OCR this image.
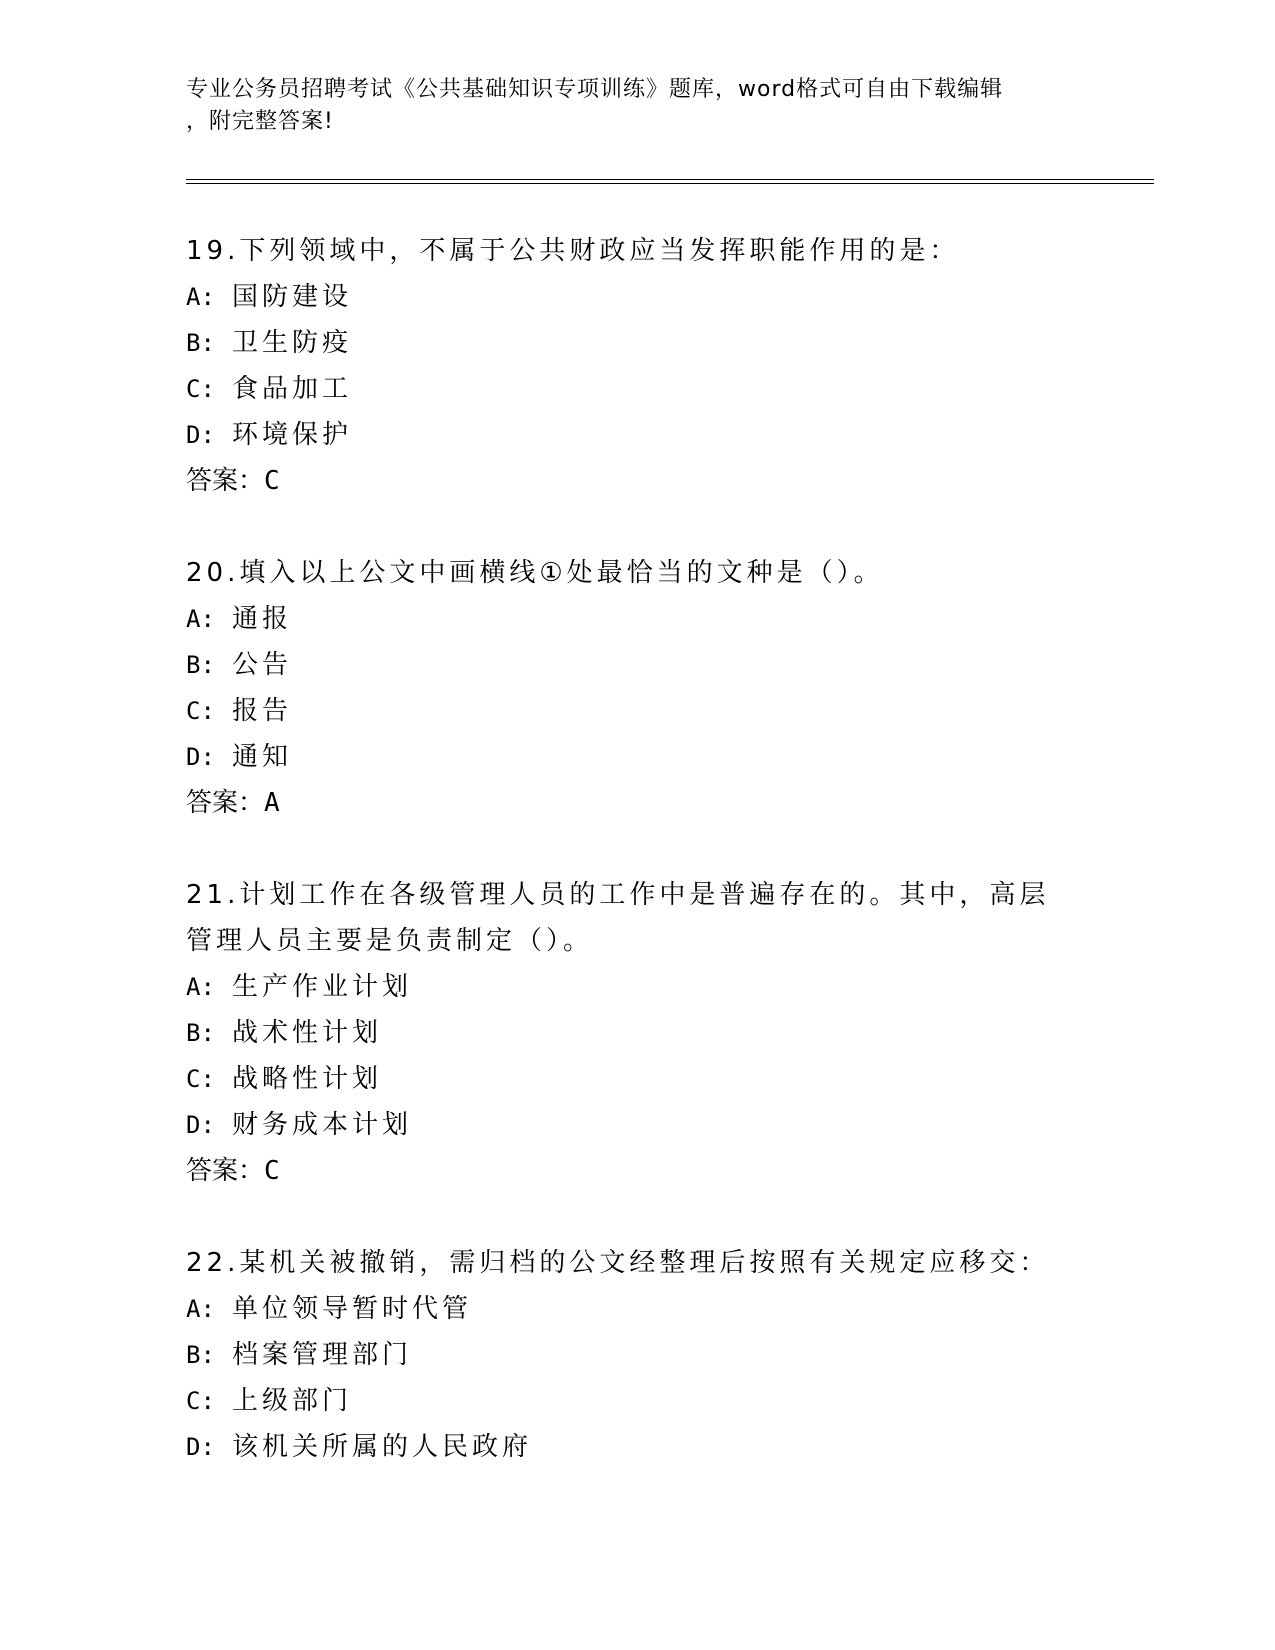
专业公务员招聘考试《公共基础知识专项训练》题库，word格式可自由下载编辑
，附完整答案!

19.下列领域中，不属于公共财政应当发挥职能作用的是：

A: 国防建设
B: 卫生防疫
C: 食品加工
D: 环境保护

答案：C

20.填入以上公文中画横线①处最恰当的文种是（）。

A: 通报
B: 公告
C: 报告
D: 通知

答案：A

21.计划工作在各级管理人员的工作中是普遍存在的。其中，高层管理人员主要是负责制定（）。

A: 生产作业计划
B: 战术性计划
C: 战略性计划
D: 财务成本计划

答案：C

22.某机关被撤销，需归档的公文经整理后按照有关规定应移交：

A: 单位领导暂时代管
B: 档案管理部门
C: 上级部门
D: 该机关所属的人民政府
